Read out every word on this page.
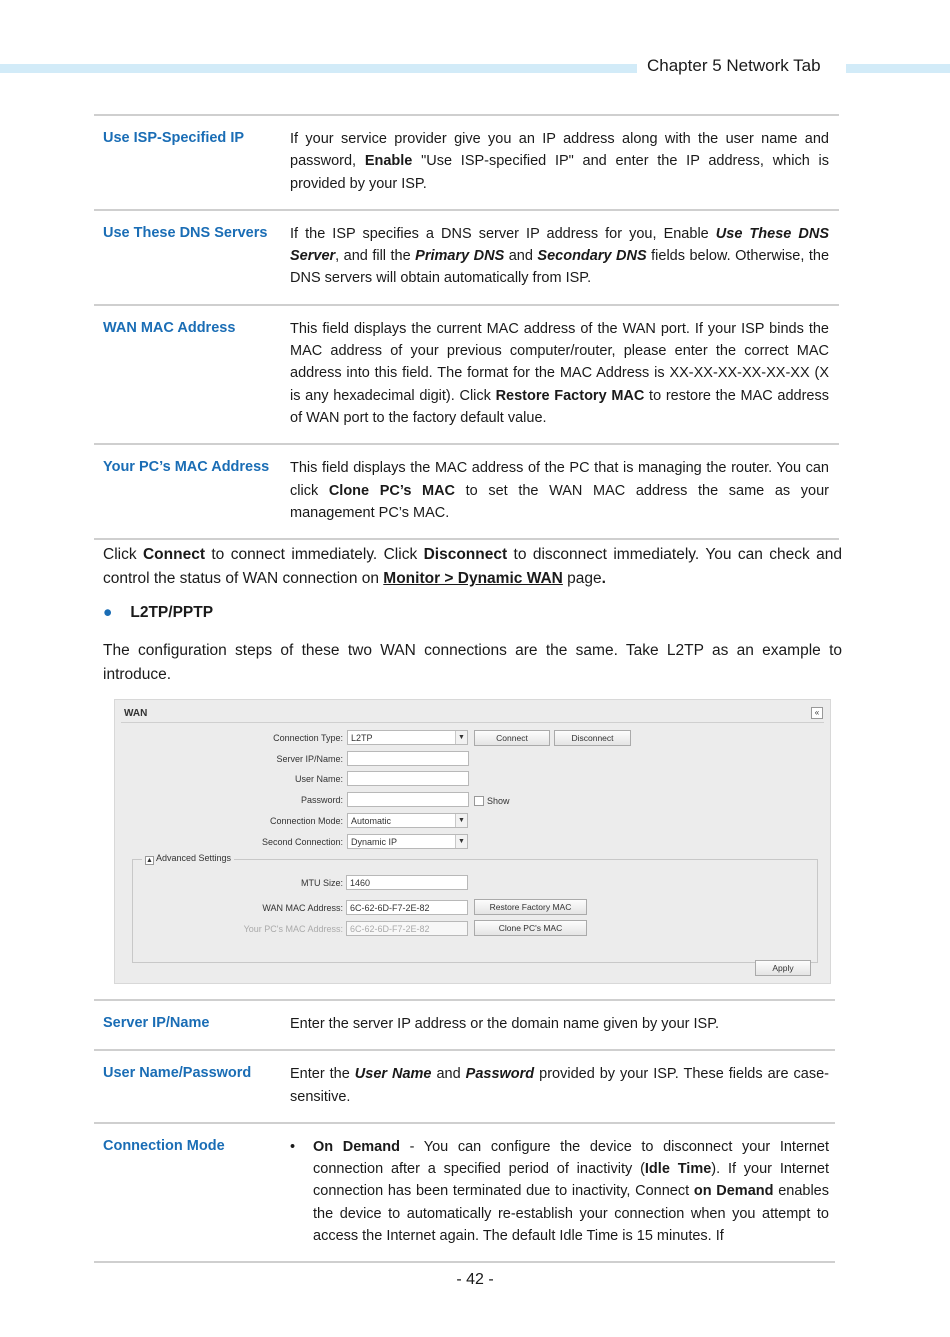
Chapter 5 Network Tab
Use ISP-Specified IP	If your service provider give you an IP address along with the user name and password, Enable "Use ISP-specified IP" and enter the IP address, which is provided by your ISP.
Use These DNS Servers	If the ISP specifies a DNS server IP address for you, Enable Use These DNS Server, and fill the Primary DNS and Secondary DNS fields below. Otherwise, the DNS servers will obtain automatically from ISP.
WAN MAC Address	This field displays the current MAC address of the WAN port. If your ISP binds the MAC address of your previous computer/router, please enter the correct MAC address into this field. The format for the MAC Address is XX-XX-XX-XX-XX-XX (X is any hexadecimal digit). Click Restore Factory MAC to restore the MAC address of WAN port to the factory default value.
Your PC’s MAC Address	This field displays the MAC address of the PC that is managing the router. You can click Clone PC’s MAC to set the WAN MAC address the same as your management PC’s MAC.
Click Connect to connect immediately. Click Disconnect to disconnect immediately. You can check and control the status of WAN connection on Monitor > Dynamic WAN page.
● L2TP/PPTP
The configuration steps of these two WAN connections are the same. Take L2TP as an example to introduce.
WAN	«
Connection Type: L2TP	▼	Connect	Disconnect
Server IP/Name:
User Name:
Password:	Show
Connection Mode: Automatic	▼
Second Connection: Dynamic IP	▼
▲ Advanced Settings
MTU Size: 1460
WAN MAC Address: 6C-62-6D-F7-2E-82	Restore Factory MAC
Your PC's MAC Address: 6C-62-6D-F7-2E-82	Clone PC's MAC
Apply
Server IP/Name	Enter the server IP address or the domain name given by your ISP.
User Name/Password	Enter the User Name and Password provided by your ISP. These fields are case-sensitive.
Connection Mode	•	On Demand - You can configure the device to disconnect your Internet connection after a specified period of inactivity (Idle Time). If your Internet connection has been terminated due to inactivity, Connect on Demand enables the device to automatically re-establish your connection when you attempt to access the Internet again. The default Idle Time is 15 minutes. If
- 42 -
